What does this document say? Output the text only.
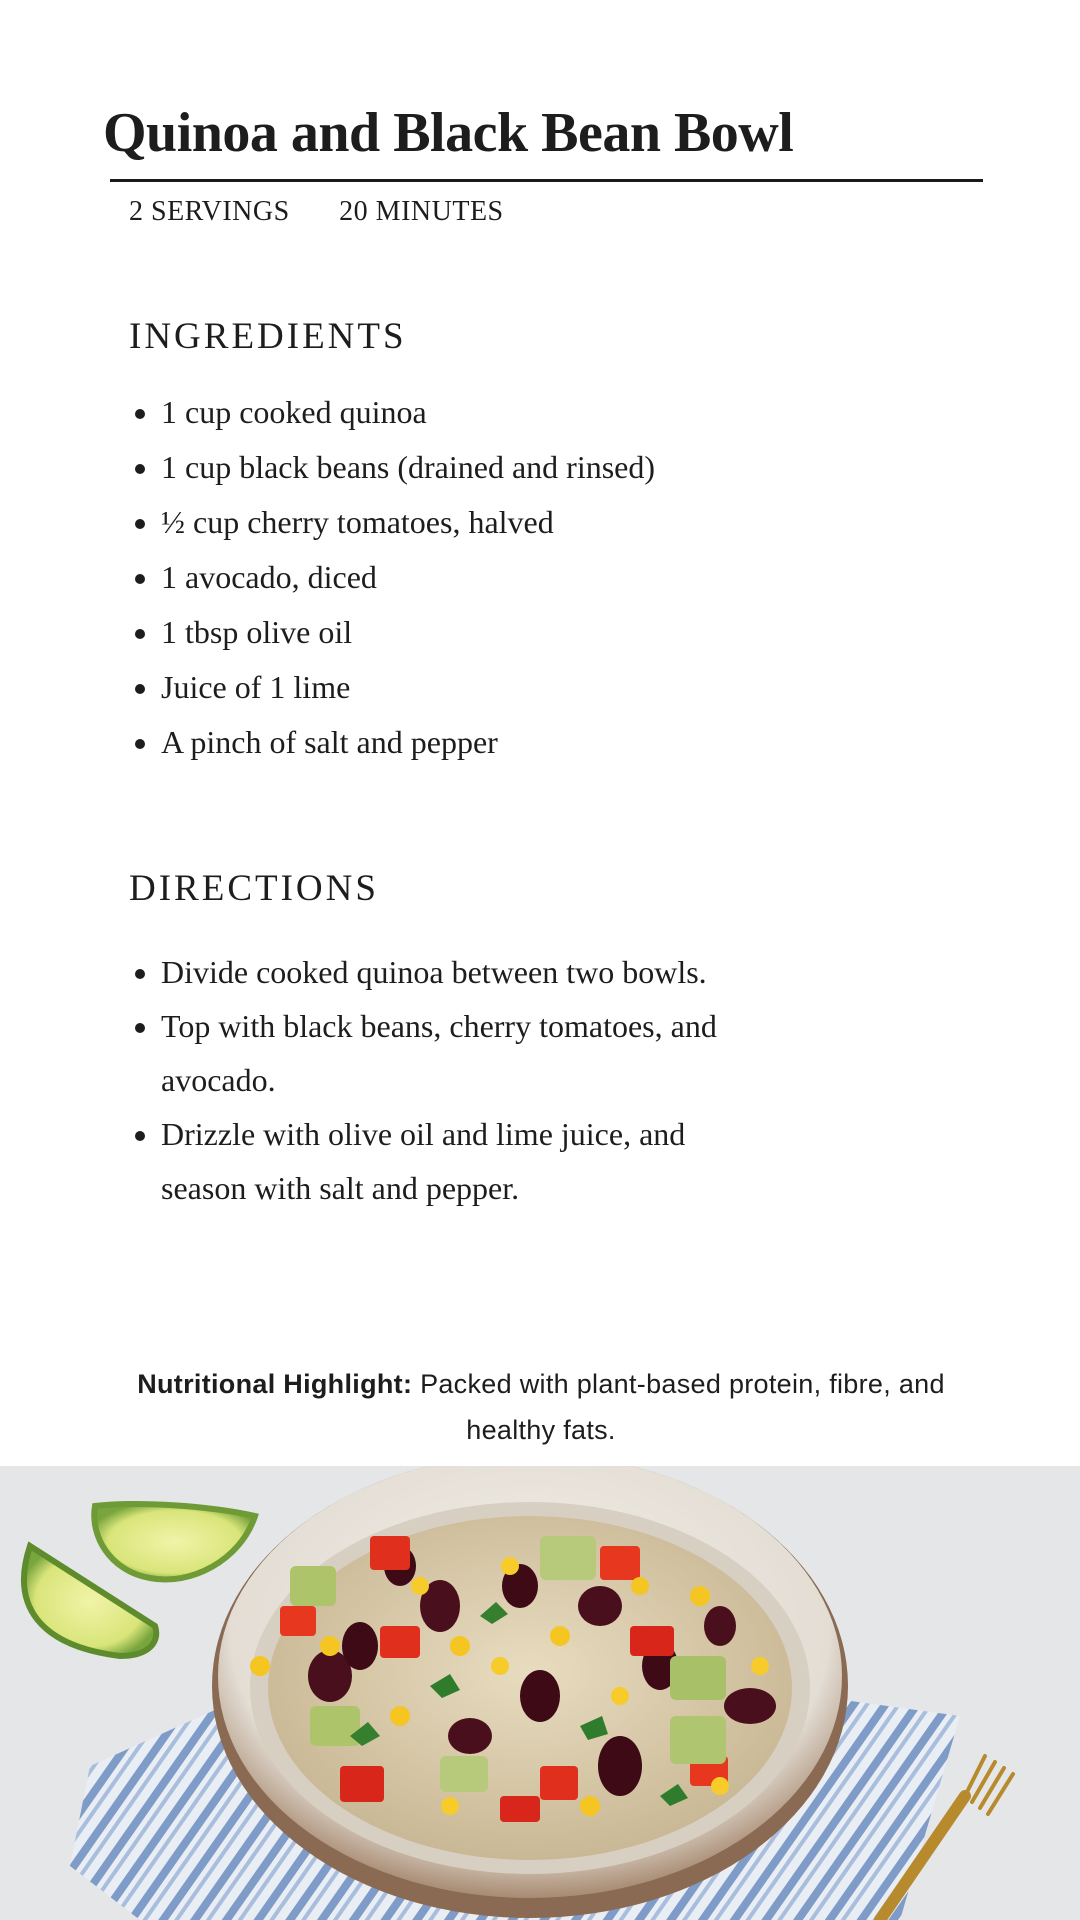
Quinoa and Black Bean Bowl
2 SERVINGS 20 MINUTES
INGREDIENTS
• 1 cup cooked quinoa
• 1 cup black beans (drained and rinsed)
• ½ cup cherry tomatoes, halved
• 1 avocado, diced
• 1 tbsp olive oil
• Juice of 1 lime
• A pinch of salt and pepper
DIRECTIONS
• Divide cooked quinoa between two bowls.
• Top with black beans, cherry tomatoes, and avocado.
• Drizzle with olive oil and lime juice, and season with salt and pepper.

Nutritional Highlight: Packed with plant-based protein, fibre, and healthy fats.
